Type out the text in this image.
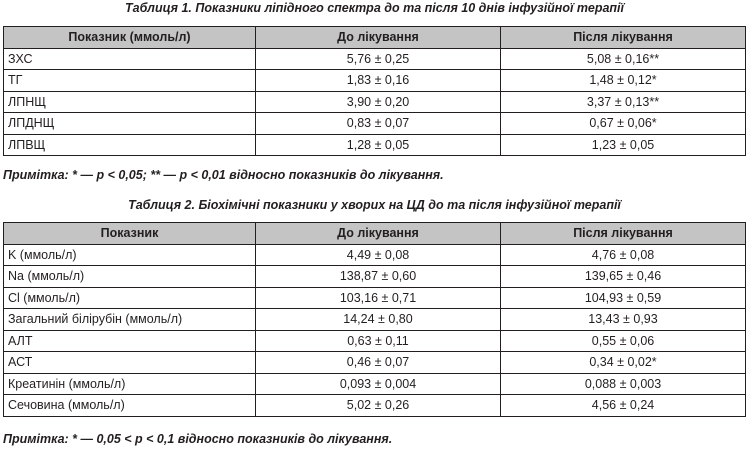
Таблиця 1. Показники ліпідного спектра до та після 10 днів інфузійної терапії
Показник (ммоль/л)	До лікування	Після лікування
ЗХС	5,76 ± 0,25	5,08 ± 0,16**
ТГ	1,83 ± 0,16	1,48 ± 0,12*
ЛПНЩ	3,90 ± 0,20	3,37 ± 0,13**
ЛПДНЩ	0,83 ± 0,07	0,67 ± 0,06*
ЛПВЩ	1,28 ± 0,05	1,23 ± 0,05
Примітка: * — p < 0,05; ** — p < 0,01 відносно показників до лікування.
Таблиця 2. Біохімічні показники у хворих на ЦД до та після інфузійної терапії
Показник	До лікування	Після лікування
K (ммоль/л)	4,49 ± 0,08	4,76 ± 0,08
Na (ммоль/л)	138,87 ± 0,60	139,65 ± 0,46
Cl (ммоль/л)	103,16 ± 0,71	104,93 ± 0,59
Загальний білірубін (ммоль/л)	14,24 ± 0,80	13,43 ± 0,93
АЛТ	0,63 ± 0,11	0,55 ± 0,06
АСТ	0,46 ± 0,07	0,34 ± 0,02*
Креатинін (ммоль/л)	0,093 ± 0,004	0,088 ± 0,003
Сечовина (ммоль/л)	5,02 ± 0,26	4,56 ± 0,24
Примітка: * — 0,05 < p < 0,1 відносно показників до лікування.
